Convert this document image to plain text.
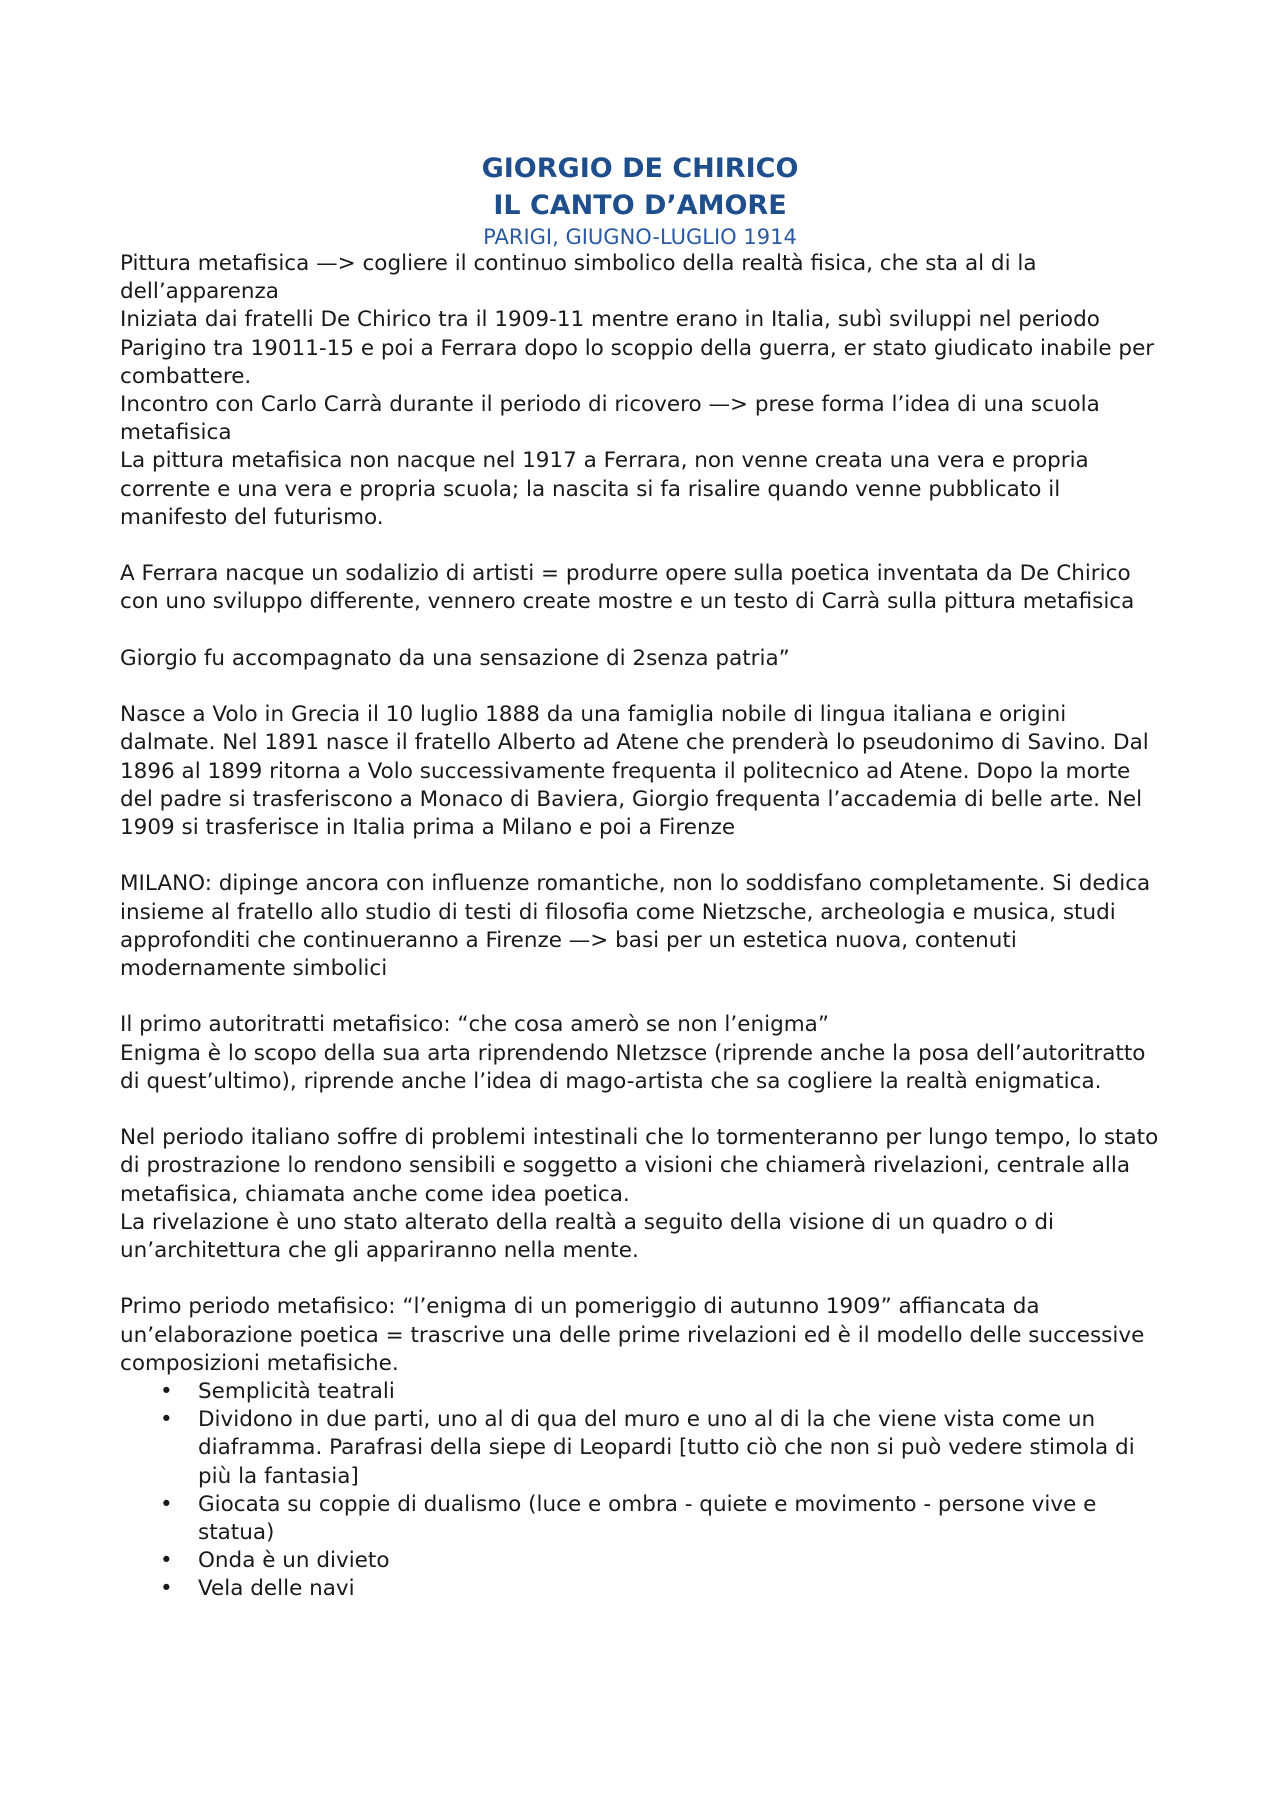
GIORGIO DE CHIRICO

IL CANTO D’AMORE

PARIGI, GIUGNO-LUGLIO 1914

Pittura metafisica —> cogliere il continuo simbolico della realtà fisica, che sta al di la dell’apparenza

Iniziata dai fratelli De Chirico tra il 1909-11 mentre erano in Italia, subì sviluppi nel periodo Parigino tra 19011-15 e poi a Ferrara dopo lo scoppio della guerra, er stato giudicato inabile per combattere.

Incontro con Carlo Carrà durante il periodo di ricovero —> prese forma l’idea di una scuola metafisica

La pittura metafisica non nacque nel 1917 a Ferrara, non venne creata una vera e propria corrente e una vera e propria scuola; la nascita si fa risalire quando venne pubblicato il manifesto del futurismo.

A Ferrara nacque un sodalizio di artisti = produrre opere sulla poetica inventata da De Chirico con uno sviluppo differente, vennero create mostre e un testo di Carrà sulla pittura metafisica

Giorgio fu accompagnato da una sensazione di 2senza patria”

Nasce a Volo in Grecia il 10 luglio 1888 da una famiglia nobile di lingua italiana e origini dalmate. Nel 1891 nasce il fratello Alberto ad Atene che prenderà lo pseudonimo di Savino. Dal 1896 al 1899 ritorna a Volo successivamente frequenta il politecnico ad Atene. Dopo la morte del padre si trasferiscono a Monaco di Baviera, Giorgio frequenta l’accademia di belle arte. Nel 1909 si trasferisce in Italia prima a Milano e poi a Firenze

MILANO: dipinge ancora con influenze romantiche, non lo soddisfano completamente. Si dedica insieme al fratello allo studio di testi di filosofia come Nietzsche, archeologia e musica, studi approfonditi che continueranno a Firenze —> basi per un estetica nuova, contenuti modernamente simbolici

Il primo autoritratti metafisico: “che cosa amerò se non l’enigma”

Enigma è lo scopo della sua arta riprendendo NIetzsce (riprende anche la posa dell’autoritratto di quest’ultimo), riprende anche l’idea di mago-artista che sa cogliere la realtà enigmatica.

Nel periodo italiano soffre di problemi intestinali che lo tormenteranno per lungo tempo, lo stato di prostrazione lo rendono sensibili e soggetto a visioni che chiamerà rivelazioni, centrale alla metafisica, chiamata anche come idea poetica.

La rivelazione è uno stato alterato della realtà a seguito della visione di un quadro o di un’architettura che gli appariranno nella mente.

Primo periodo metafisico: “l’enigma di un pomeriggio di autunno 1909” affiancata da un’elaborazione poetica = trascrive una delle prime rivelazioni ed è il modello delle successive composizioni metafisiche.

• Semplicità teatrali
• Dividono in due parti, uno al di qua del muro e uno al di la che viene vista come un diaframma. Parafrasi della siepe di Leopardi [tutto ciò che non si può vedere stimola di più la fantasia]
• Giocata su coppie di dualismo (luce e ombra - quiete e movimento - persone vive e statua)
• Onda è un divieto
• Vela delle navi
